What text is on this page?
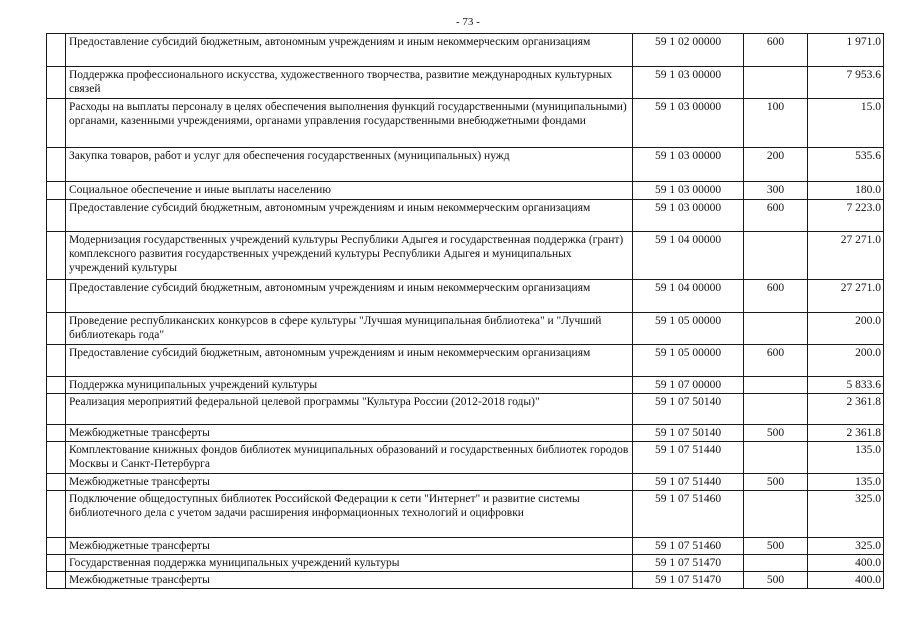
- 73 -
	Предоставление субсидий бюджетным, автономным учреждениям и иным некоммерческим организациям	59 1 02 00000	600	1 971.0
	Поддержка профессионального искусства, художественного творчества, развитие международных культурных связей	59 1 03 00000		7 953.6
	Расходы на выплаты персоналу в целях обеспечения выполнения функций государственными (муниципальными) органами, казенными учреждениями, органами управления государственными внебюджетными фондами	59 1 03 00000	100	15.0
	Закупка товаров, работ и услуг для обеспечения государственных (муниципальных) нужд	59 1 03 00000	200	535.6
	Социальное обеспечение и иные выплаты населению	59 1 03 00000	300	180.0
	Предоставление субсидий бюджетным, автономным учреждениям и иным некоммерческим организациям	59 1 03 00000	600	7 223.0
	Модернизация государственных учреждений культуры Республики Адыгея и государственная поддержка (грант) комплексного развития государственных учреждений культуры Республики Адыгея и муниципальных учреждений культуры	59 1 04 00000		27 271.0
	Предоставление субсидий бюджетным, автономным учреждениям и иным некоммерческим организациям	59 1 04 00000	600	27 271.0
	Проведение республиканских конкурсов в сфере культуры "Лучшая муниципальная библиотека" и "Лучший библиотекарь года"	59 1 05 00000		200.0
	Предоставление субсидий бюджетным, автономным учреждениям и иным некоммерческим организациям	59 1 05 00000	600	200.0
	Поддержка муниципальных учреждений культуры	59 1 07 00000		5 833.6
	Реализация мероприятий федеральной целевой программы "Культура России (2012-2018 годы)"	59 1 07 50140		2 361.8
	Межбюджетные трансферты	59 1 07 50140	500	2 361.8
	Комплектование книжных фондов библиотек муниципальных образований и государственных библиотек городов Москвы и Санкт-Петербурга	59 1 07 51440		135.0
	Межбюджетные трансферты	59 1 07 51440	500	135.0
	Подключение общедоступных библиотек Российской Федерации к сети "Интернет" и развитие системы библиотечного дела с учетом задачи расширения информационных технологий и оцифровки	59 1 07 51460		325.0
	Межбюджетные трансферты	59 1 07 51460	500	325.0
	Государственная поддержка муниципальных учреждений культуры	59 1 07 51470		400.0
	Межбюджетные трансферты	59 1 07 51470	500	400.0
